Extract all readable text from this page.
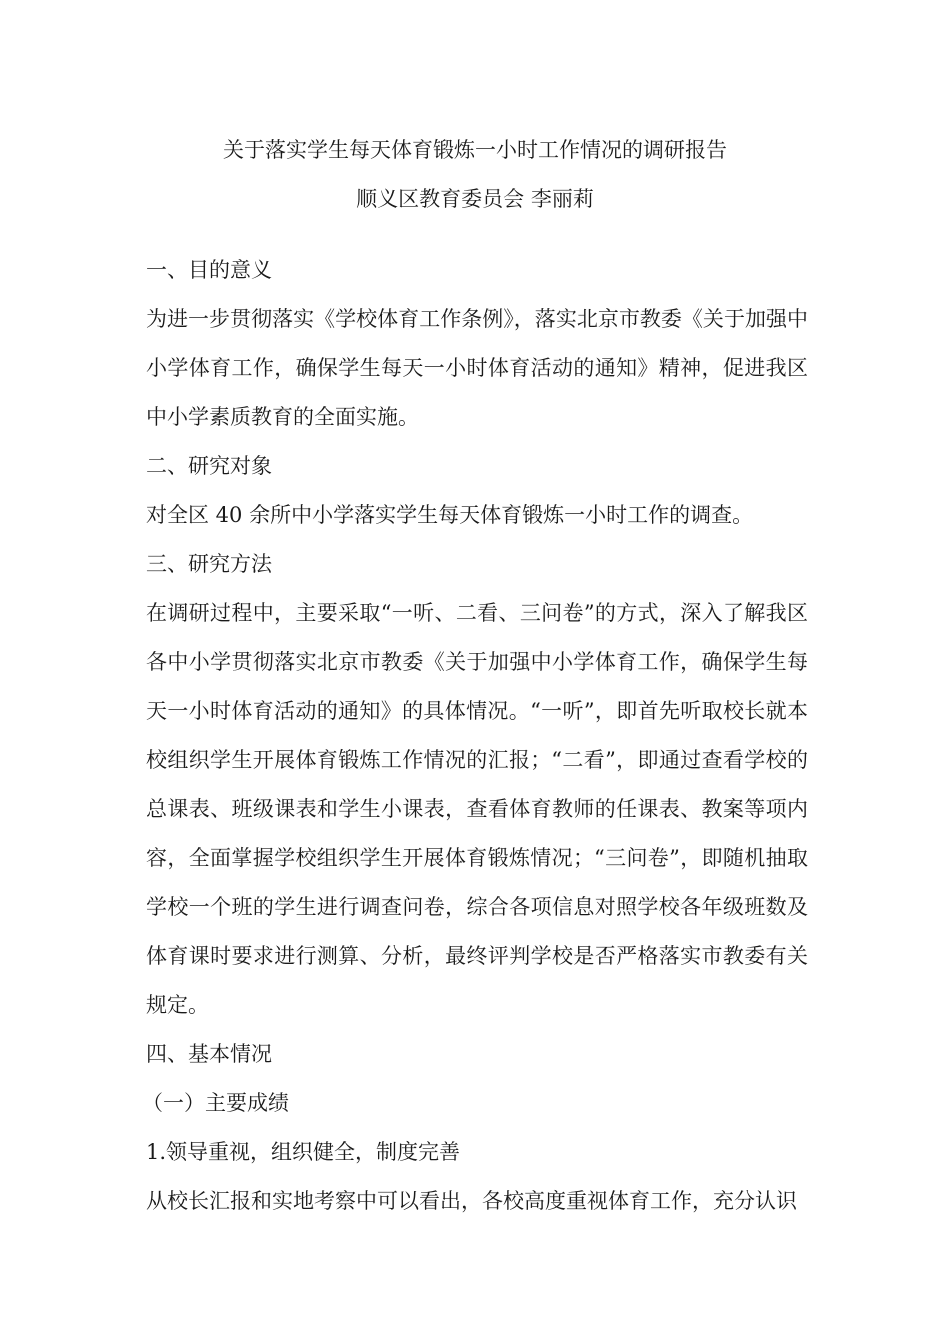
关于落实学生每天体育锻炼一小时工作情况的调研报告
顺义区教育委员会 李丽莉

一、目的意义

为进一步贯彻落实《学校体育工作条例》，落实北京市教委《关于加强中小学体育工作，确保学生每天一小时体育活动的通知》精神，促进我区中小学素质教育的全面实施。

二、研究对象

对全区 40 余所中小学落实学生每天体育锻炼一小时工作的调查。

三、研究方法

在调研过程中，主要采取“一听、二看、三问卷”的方式，深入了解我区各中小学贯彻落实北京市教委《关于加强中小学体育工作，确保学生每天一小时体育活动的通知》的具体情况。“一听”，即首先听取校长就本校组织学生开展体育锻炼工作情况的汇报；“二看”，即通过查看学校的总课表、班级课表和学生小课表，查看体育教师的任课表、教案等项内容，全面掌握学校组织学生开展体育锻炼情况；“三问卷”，即随机抽取学校一个班的学生进行调查问卷，综合各项信息对照学校各年级班数及体育课时要求进行测算、分析，最终评判学校是否严格落实市教委有关规定。

四、基本情况

（一）主要成绩

1.领导重视，组织健全，制度完善

从校长汇报和实地考察中可以看出，各校高度重视体育工作，充分认识
